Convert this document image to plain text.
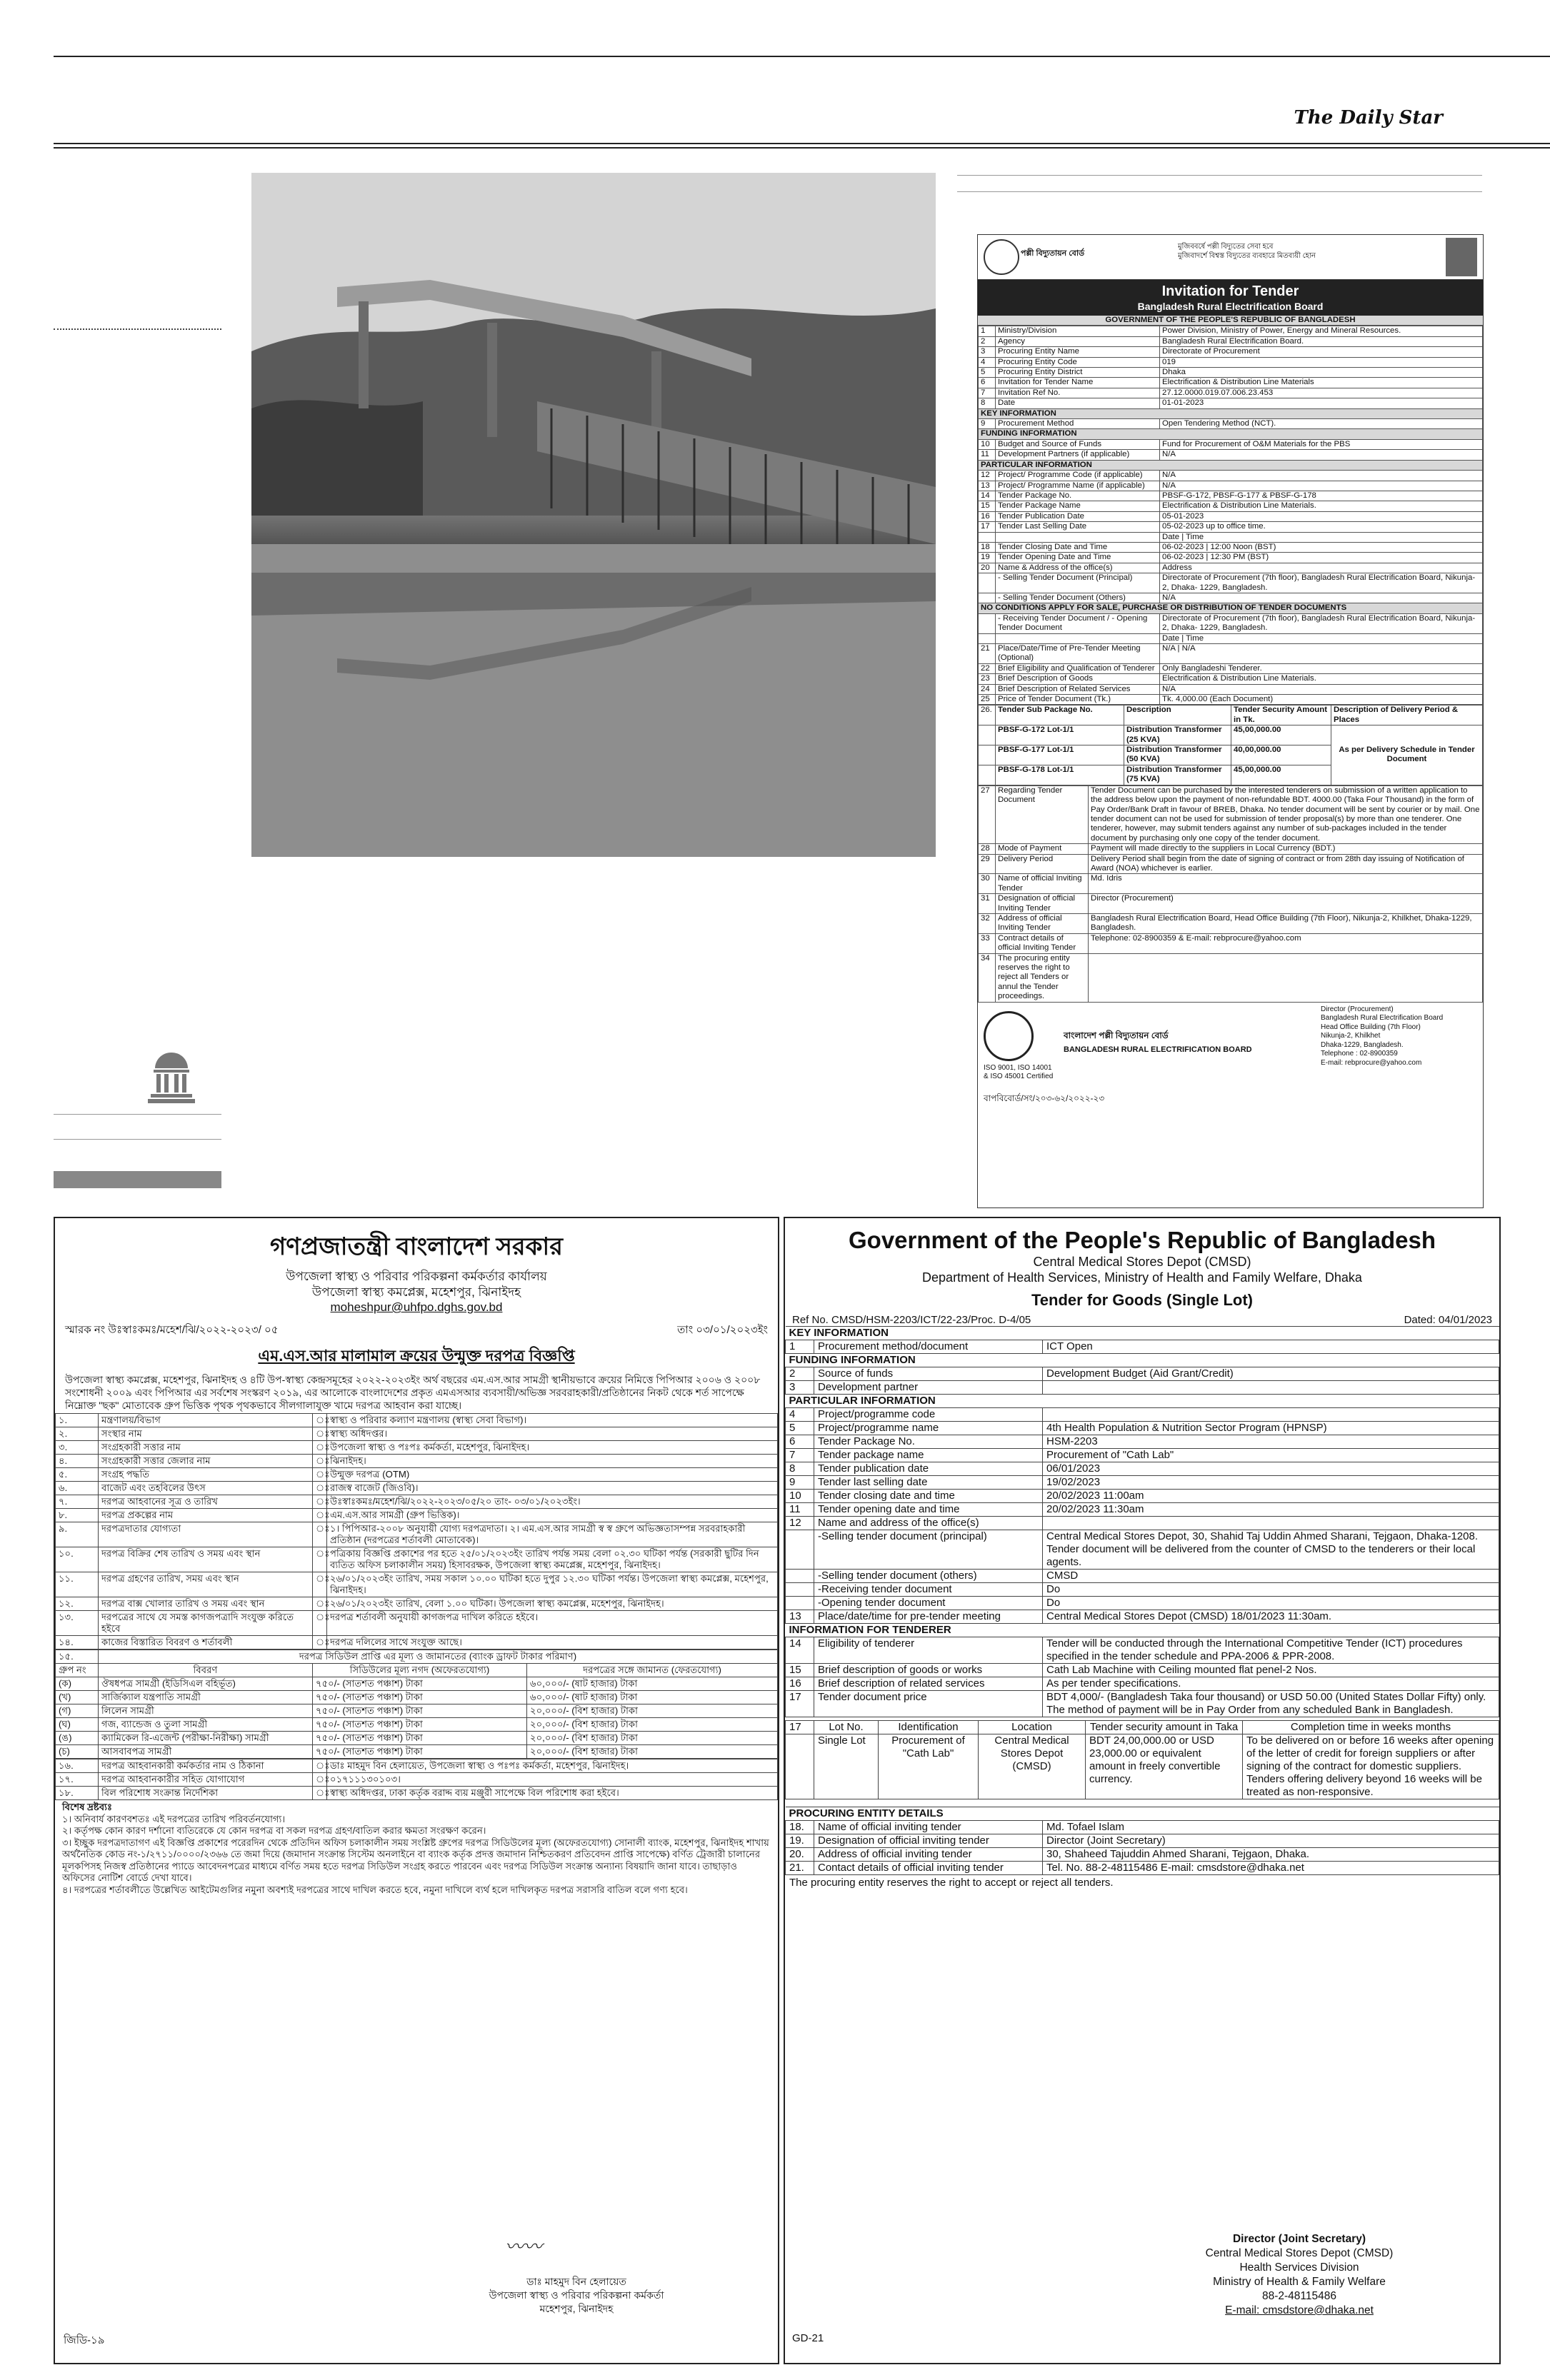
The Daily Star
পল্লী বিদ্যুতায়ন বোর্ড
মুজিববর্ষে পল্লী বিদ্যুতের সেবা হবে
মুজিবাদর্শে বিশ্বস্ত বিদ্যুতের ব্যবহারে মিতব্যয়ী হোন
Invitation for Tender
Bangladesh Rural Electrification Board
GOVERNMENT OF THE PEOPLE'S REPUBLIC OF BANGLADESH
1	Ministry/Division	Power Division, Ministry of Power, Energy and Mineral Resources.
2	Agency	Bangladesh Rural Electrification Board.
3	Procuring Entity Name	Directorate of Procurement
4	Procuring Entity Code	019
5	Procuring Entity District	Dhaka
6	Invitation for Tender Name	Electrification & Distribution Line Materials
7	Invitation Ref No.	27.12.0000.019.07.006.23.453
8	Date	01-01-2023
KEY INFORMATION		
9	Procurement Method	Open Tendering Method (NCT).
FUNDING INFORMATION		
10	Budget and Source of Funds	Fund for Procurement of O&M Materials for the PBS
11	Development Partners (if applicable)	N/A
PARTICULAR INFORMATION		
12	Project/ Programme Code (if applicable)	N/A
13	Project/ Programme Name (if applicable)	N/A
14	Tender Package No.	PBSF-G-172, PBSF-G-177 & PBSF-G-178
15	Tender Package Name	Electrification & Distribution Line Materials.
16	Tender Publication Date	05-01-2023
17	Tender Last Selling Date	05-02-2023 up to office time.
		Date | Time
18	Tender Closing Date and Time	06-02-2023 | 12:00 Noon (BST)
19	Tender Opening Date and Time	06-02-2023 | 12:30 PM (BST)
20	Name & Address of the office(s)	Address
	- Selling Tender Document (Principal)	Directorate of Procurement (7th floor), Bangladesh Rural Electrification Board, Nikunja-2, Dhaka- 1229, Bangladesh.
	- Selling Tender Document (Others)	N/A
NO CONDITIONS APPLY FOR SALE, PURCHASE OR DISTRIBUTION OF TENDER DOCUMENTS		
	- Receiving Tender Document / - Opening Tender Document	Directorate of Procurement (7th floor), Bangladesh Rural Electrification Board, Nikunja-2, Dhaka- 1229, Bangladesh.
		Date | Time
21	Place/Date/Time of Pre-Tender Meeting (Optional)	N/A | N/A
22	Brief Eligibility and Qualification of Tenderer	Only Bangladeshi Tenderer.
23	Brief Description of Goods	Electrification & Distribution Line Materials.
24	Brief Description of Related Services	N/A
25	Price of Tender Document (Tk.)	Tk. 4,000.00 (Each Document)
26.	Tender Sub Package No.	Description	Tender Security Amount in Tk.	Description of Delivery Period & Places
	PBSF-G-172 Lot-1/1	Distribution Transformer (25 KVA)	45,00,000.00	As per Delivery Schedule in Tender Document
	PBSF-G-177 Lot-1/1	Distribution Transformer (50 KVA)	40,00,000.00	
	PBSF-G-178 Lot-1/1	Distribution Transformer (75 KVA)	45,00,000.00	
27	Regarding Tender Document	Tender Document can be purchased by the interested tenderers on submission of a written application to the address below upon the payment of non-refundable BDT. 4000.00 (Taka Four Thousand) in the form of Pay Order/Bank Draft in favour of BREB, Dhaka. No tender document will be sent by courier or by mail. One tender document can not be used for submission of tender proposal(s) by more than one tenderer. One tenderer, however, may submit tenders against any number of sub-packages included in the tender document by purchasing only one copy of the tender document.
28	Mode of Payment	Payment will made directly to the suppliers in Local Currency (BDT.)
29	Delivery Period	Delivery Period shall begin from the date of signing of contract or from 28th day issuing of Notification of Award (NOA) whichever is earlier.
30	Name of official Inviting Tender	Md. Idris
31	Designation of official Inviting Tender	Director (Procurement)
32	Address of official Inviting Tender	Bangladesh Rural Electrification Board, Head Office Building (7th Floor), Nikunja-2, Khilkhet, Dhaka-1229, Bangladesh.
33	Contract details of official Inviting Tender	Telephone: 02-8900359 & E-mail: rebprocure@yahoo.com
34	The procuring entity reserves the right to reject all Tenders or annul the Tender proceedings.	
ISO 9001, ISO 14001
& ISO 45001 Certified
বাংলাদেশ পল্লী বিদ্যুতায়ন বোর্ড
BANGLADESH RURAL ELECTRIFICATION BOARD
Director (Procurement)
Bangladesh Rural Electrification Board
Head Office Building (7th Floor)
Nikunja-2, Khilkhet
Dhaka-1229, Bangladesh.
Telephone : 02-8900359
E-mail: rebprocure@yahoo.com
বাপবিবোর্ড/সং/২০৩-৬২/২০২২-২৩
গণপ্রজাতন্ত্রী বাংলাদেশ সরকার
উপজেলা স্বাস্থ্য ও পরিবার পরিকল্পনা কর্মকর্তার কার্যালয়
উপজেলা স্বাস্থ্য কমপ্লেক্স, মহেশপুর, ঝিনাইদহ
moheshpur@uhfpo.dghs.gov.bd
স্মারক নং উঃস্বাঃকমঃ/মহেশ/ঝি/২০২২-২০২৩/ ০৫	তাং ০৩/০১/২০২৩ইং
এম.এস.আর মালামাল ক্রয়ের উন্মুক্ত দরপত্র বিজ্ঞপ্তি
উপজেলা স্বাস্থ্য কমপ্লেক্স, মহেশপুর, ঝিনাইদহ ও ৪টি উপ-স্বাস্থ্য কেন্দ্রসমূহের ২০২২-২০২৩ইং অর্থ বছরের এম.এস.আর সামগ্রী স্থানীয়ভাবে ক্রয়ের নিমিত্তে পিপিআর ২০০৬ ও ২০০৮ সংশোধনী ২০০৯ এবং পিপিআর এর সর্বশেষ সংস্করণ ২০১৯, এর আলোকে বাংলাদেশের প্রকৃত এমএসআর ব্যবসায়ী/অভিজ্ঞ সরবরাহকারী/প্রতিষ্ঠানের নিকট থেকে শর্ত সাপেক্ষে নিম্নোক্ত "ছক" মোতাবেক গ্রুপ ভিত্তিক পৃথক পৃথকভাবে সীলগালাযুক্ত খামে দরপত্র আহবান করা যাচ্ছে।
১.	মন্ত্রণালয়/বিভাগ	ঃ	স্বাস্থ্য ও পরিবার কল্যাণ মন্ত্রণালয় (স্বাস্থ্য সেবা বিভাগ)।
২.	সংস্থার নাম	ঃ	স্বাস্থ্য অধিদপ্তর।
৩.	সংগ্রহকারী সত্তার নাম	ঃ	উপজেলা স্বাস্থ্য ও পঃপঃ কর্মকর্তা, মহেশপুর, ঝিনাইদহ।
৪.	সংগ্রহকারী সত্তার জেলার নাম	ঃ	ঝিনাইদহ।
৫.	সংগ্রহ পদ্ধতি	ঃ	উন্মুক্ত দরপত্র (OTM)
৬.	বাজেট এবং তহবিলের উৎস	ঃ	রাজস্ব বাজেট (জিওবি)।
৭.	দরপত্র আহবানের সূত্র ও তারিখ	ঃ	উঃস্বাঃকমঃ/মহেশ/ঝি/২০২২-২০২৩/০৫/২০ তাং- ০৩/০১/২০২৩ইং।
৮.	দরপত্র প্রকল্পের নাম	ঃ	এম.এস.আর সামগ্রী (গ্রুপ ভিত্তিক)।
৯.	দরপত্রদাতার যোগ্যতা	ঃ	১। পিপিআর-২০০৮ অনুযায়ী যোগ্য দরপত্রদাতা। ২। এম.এস.আর সামগ্রী স্ব স্ব গ্রুপে অভিজ্ঞতাসম্পন্ন সরবরাহকারী প্রতিষ্ঠান (দরপত্রের শর্তাবলী মোতাবেক)।
১০.	দরপত্র বিক্রির শেষ তারিখ ও সময় এবং স্থান	ঃ	পত্রিকায় বিজ্ঞপ্তি প্রকাশের পর হতে ২৫/০১/২০২৩ইং তারিখ পর্যন্ত সময় বেলা ০২.৩০ ঘটিকা পর্যন্ত (সরকারী ছুটির দিন ব্যতিত অফিস চলাকালীন সময়) হিসাবরক্ষক, উপজেলা স্বাস্থ্য কমপ্লেক্স, মহেশপুর, ঝিনাইদহ।
১১.	দরপত্র গ্রহণের তারিখ, সময় এবং স্থান	ঃ	২৬/০১/২০২৩ইং তারিখ, সময় সকাল ১০.০০ ঘটিকা হতে দুপুর ১২.৩০ ঘটিকা পর্যন্ত। উপজেলা স্বাস্থ্য কমপ্লেক্স, মহেশপুর, ঝিনাইদহ।
১২.	দরপত্র বাক্স খোলার তারিখ ও সময় এবং স্থান	ঃ	২৬/০১/২০২৩ইং তারিখ, বেলা ১.০০ ঘটিকা। উপজেলা স্বাস্থ্য কমপ্লেক্স, মহেশপুর, ঝিনাইদহ।
১৩.	দরপত্রের সাথে যে সমস্ত কাগজপত্রাদি সংযুক্ত করিতে হইবে	ঃ	দরপত্র শর্তাবলী অনুযায়ী কাগজপত্র দাখিল করিতে হইবে।
১৪.	কাজের বিস্তারিত বিবরণ ও শর্তাবলী	ঃ	দরপত্র দলিলের সাথে সংযুক্ত আছে।
১৫.	দরপত্র সিডিউল প্রাপ্তি এর মূল্য ও জামানতের (ব্যাংক ড্রাফট টাকার পরিমাণ)		
গ্রুপ নং	বিবরণ	সিডিউলের মূল্য নগদ (অফেরতযোগ্য)	দরপত্রের সঙ্গে জামানত (ফেরতযোগ্য)
(ক)	ঔষধপত্র সামগ্রী (ইডিসিএল বহির্ভূত)	৭৫০/- (সাতশত পঞ্চাশ) টাকা	৬০,০০০/- (ষাট হাজার) টাকা
(খ)	সার্জিক্যাল যন্ত্রপাতি সামগ্রী	৭৫০/- (সাতশত পঞ্চাশ) টাকা	৬০,০০০/- (ষাট হাজার) টাকা
(গ)	লিলেন সামগ্রী	৭৫০/- (সাতশত পঞ্চাশ) টাকা	২০,০০০/- (বিশ হাজার) টাকা
(ঘ)	গজ, ব্যান্ডেজ ও তুলা সামগ্রী	৭৫০/- (সাতশত পঞ্চাশ) টাকা	২০,০০০/- (বিশ হাজার) টাকা
(ঙ)	ক্যামিকেল রি-এজেন্ট (পরীক্ষা-নিরীক্ষা) সামগ্রী	৭৫০/- (সাতশত পঞ্চাশ) টাকা	২০,০০০/- (বিশ হাজার) টাকা
(চ)	আসবাবপত্র সামগ্রী	৭৫০/- (সাতশত পঞ্চাশ) টাকা	২০,০০০/- (বিশ হাজার) টাকা
১৬.	দরপত্র আহবানকারী কর্মকর্তার নাম ও ঠিকানা	ঃ	ডাঃ মাহমুদ বিন হেলায়েত, উপজেলা স্বাস্থ্য ও পঃপঃ কর্মকর্তা, মহেশপুর, ঝিনাইদহ।
১৭.	দরপত্র আহবানকারীর সহিত যোগাযোগ	ঃ	০১৭১১১৩০১০৩।
১৮.	বিল পরিশোধ সংক্রান্ত নির্দেশিকা	ঃ	স্বাস্থ্য অধিদপ্তর, ঢাকা কর্তৃক বরাদ্দ ব্যয় মঞ্জুরী সাপেক্ষে বিল পরিশোধ করা হইবে।
বিশেষ দ্রষ্টব্যঃ
১। অনিবার্য কারণবশতঃ এই দরপত্রের তারিখ পরিবর্তনযোগ্য।
২। কর্তৃপক্ষ কোন কারণ দর্শানো ব্যতিরেকে যে কোন দরপত্র বা সকল দরপত্র গ্রহণ/বাতিল করার ক্ষমতা সংরক্ষণ করেন।
৩। ইচ্ছুক দরপত্রদাতাগণ এই বিজ্ঞপ্তি প্রকাশের পরেরদিন থেকে প্রতিদিন অফিস চলাকালীন সময় সংশ্লিষ্ট গ্রুপের দরপত্র সিডিউলের মূল্য (অফেরতযোগ্য) সোনালী ব্যাংক, মহেশপুর, ঝিনাইদহ শাখায় অর্থনৈতিক কোড নং-১/২৭১১/০০০০/২৩৬৬ তে জমা দিয়ে (জমাদান সংক্রান্ত সিস্টেম অনলাইনে বা ব্যাংক কর্তৃক প্রদত্ত জমাদান নিশ্চিতকরণ প্রতিবেদন প্রাপ্তি সাপেক্ষে) বর্ণিত ট্রেজারী চালানের মূলকপিসহ নিজস্ব প্রতিষ্ঠানের প্যাডে আবেদনপত্রের মাধ্যমে বর্ণিত সময় হতে দরপত্র সিডিউল সংগ্রহ করতে পারবেন এবং দরপত্র সিডিউল সংক্রান্ত অন্যান্য বিষয়াদি জানা যাবে। তাছাড়াও অফিসের নোটিশ বোর্ডে দেখা যাবে।
৪। দরপত্রের শর্তাবলীতে উল্লেখিত আইটেমগুলির নমুনা অবশ্যই দরপত্রের সাথে দাখিল করতে হবে, নমুনা দাখিলে ব্যর্থ হলে দাখিলকৃত দরপত্র সরাসরি বাতিল বলে গণ্য হবে।
〰〰
ডাঃ মাহমুদ বিন হেলায়েত
উপজেলা স্বাস্থ্য ও পরিবার পরিকল্পনা কর্মকর্তা
মহেশপুর, ঝিনাইদহ
জিডি-১৯
Government of the People's Republic of Bangladesh
Central Medical Stores Depot (CMSD)
Department of Health Services, Ministry of Health and Family Welfare, Dhaka
Tender for Goods (Single Lot)
Ref No. CMSD/HSM-2203/ICT/22-23/Proc. D-4/05	Dated: 04/01/2023
KEY INFORMATION		
1	Procurement method/document	ICT Open
FUNDING INFORMATION		
2	Source of funds	Development Budget (Aid Grant/Credit)
3	Development partner	
PARTICULAR INFORMATION		
4	Project/programme code	
5	Project/programme name	4th Health Population & Nutrition Sector Program (HPNSP)
6	Tender Package No.	HSM-2203
7	Tender package name	Procurement of "Cath Lab"
8	Tender publication date	06/01/2023
9	Tender last selling date	19/02/2023
10	Tender closing date and time	20/02/2023 11:00am
11	Tender opening date and time	20/02/2023 11:30am
12	Name and address of the office(s)	
	-Selling tender document (principal)	Central Medical Stores Depot, 30, Shahid Taj Uddin Ahmed Sharani, Tejgaon, Dhaka-1208. Tender document will be delivered from the counter of CMSD to the tenderers or their local agents.
	-Selling tender document (others)	CMSD
	-Receiving tender document	Do
	-Opening tender document	Do
13	Place/date/time for pre-tender meeting	Central Medical Stores Depot (CMSD) 18/01/2023 11:30am.
INFORMATION FOR TENDERER		
14	Eligibility of tenderer	Tender will be conducted through the International Competitive Tender (ICT) procedures specified in the tender schedule and PPA-2006 & PPR-2008.
15	Brief description of goods or works	Cath Lab Machine with Ceiling mounted flat penel-2 Nos.
16	Brief description of related services	As per tender specifications.
17	Tender document price	BDT 4,000/- (Bangladesh Taka four thousand) or USD 50.00 (United States Dollar Fifty) only. The method of payment will be in Pay Order from any scheduled Bank in Bangladesh.
17	Lot No.	Identification	Location	Tender security amount in Taka	Completion time in weeks months
	Single Lot	Procurement of "Cath Lab"	Central Medical Stores Depot (CMSD)	BDT 24,00,000.00 or USD 23,000.00 or equivalent amount in freely convertible currency.	To be delivered on or before 16 weeks after opening of the letter of credit for foreign suppliers or after signing of the contract for domestic suppliers. Tenders offering delivery beyond 16 weeks will be treated as non-responsive.
PROCURING ENTITY DETAILS		
18.	Name of official inviting tender	Md. Tofael Islam
19.	Designation of official inviting tender	Director (Joint Secretary)
20.	Address of official inviting tender	30, Shaheed Tajuddin Ahmed Sharani, Tejgaon, Dhaka.
21.	Contact details of official inviting tender	Tel. No. 88-2-48115486 E-mail: cmsdstore@dhaka.net
The procuring entity reserves the right to accept or reject all tenders.
Director (Joint Secretary)
Central Medical Stores Depot (CMSD)
Health Services Division
Ministry of Health & Family Welfare
88-2-48115486
E-mail: cmsdstore@dhaka.net
GD-21
